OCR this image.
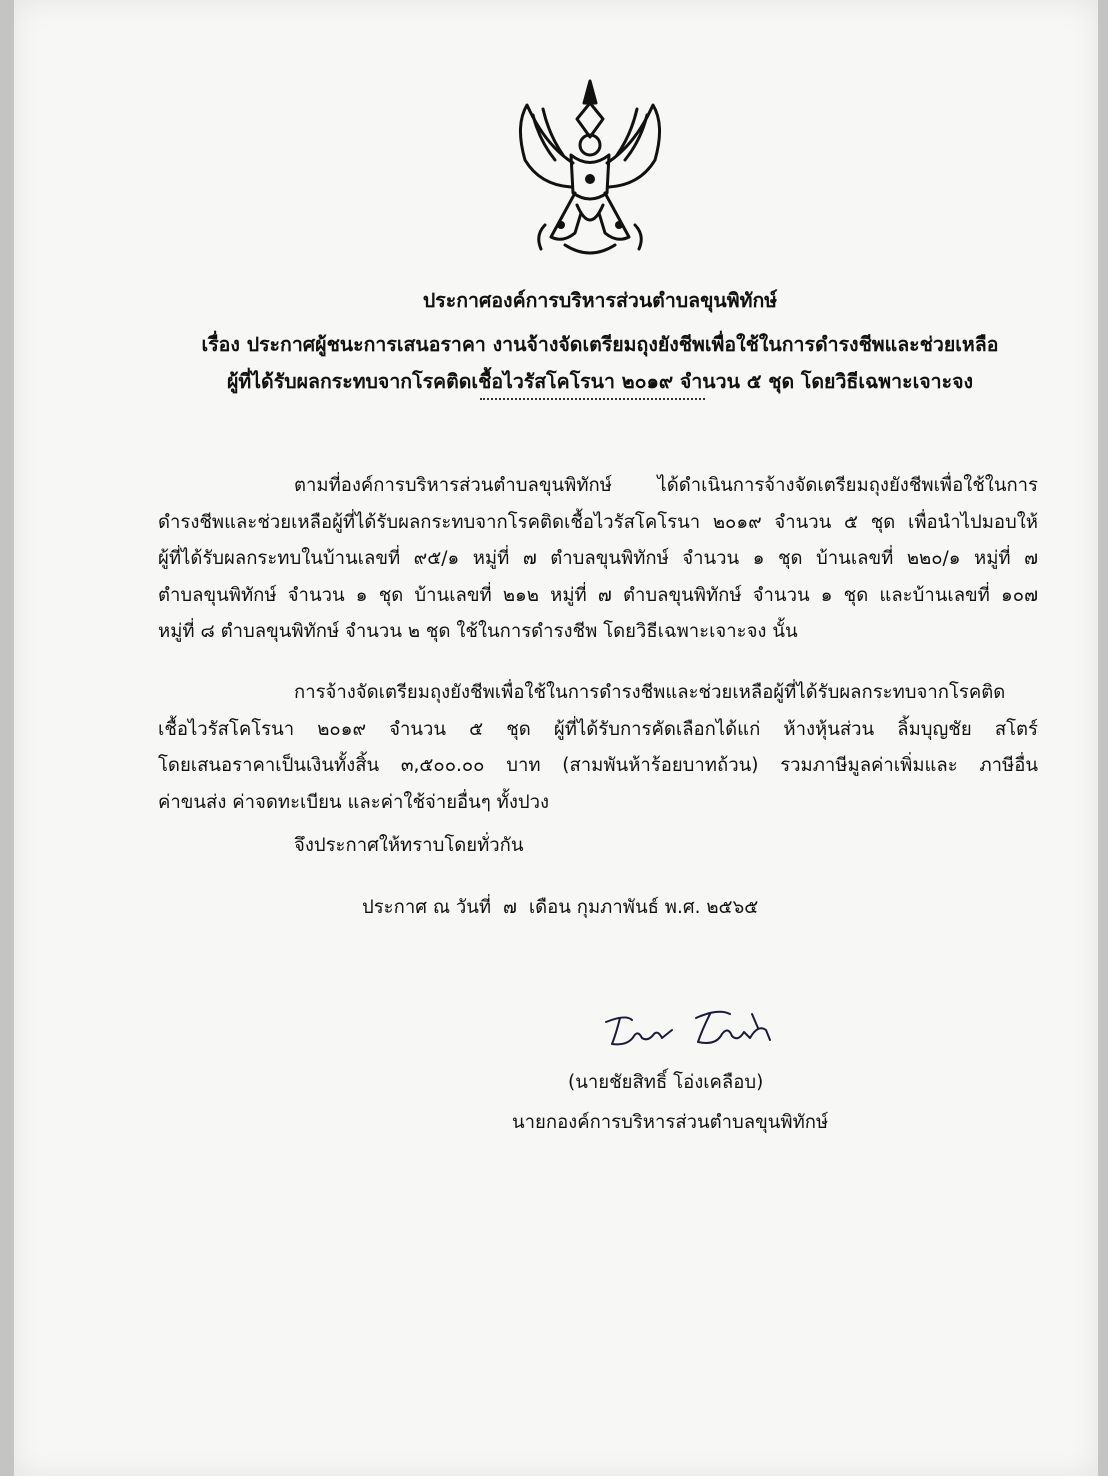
ประกาศองค์การบริหารส่วนตำบลขุนพิทักษ์
เรื่อง ประกาศผู้ชนะการเสนอราคา งานจ้างจัดเตรียมถุงยังชีพเพื่อใช้ในการดำรงชีพและช่วยเหลือ
ผู้ที่ได้รับผลกระทบจากโรคติดเชื้อไวรัสโคโรนา ๒๐๑๙ จำนวน ๕ ชุด โดยวิธีเฉพาะเจาะจง
ตามที่องค์การบริหารส่วนตำบลขุนพิทักษ์ ได้ดำเนินการจ้างจัดเตรียมถุงยังชีพเพื่อใช้ในการ
ดำรงชีพและช่วยเหลือผู้ที่ได้รับผลกระทบจากโรคติดเชื้อไวรัสโคโรนา ๒๐๑๙ จำนวน ๕ ชุด เพื่อนำไปมอบให้
ผู้ที่ได้รับผลกระทบในบ้านเลขที่ ๙๕/๑ หมู่ที่ ๗ ตำบลขุนพิทักษ์ จำนวน ๑ ชุด บ้านเลขที่ ๒๒๐/๑ หมู่ที่ ๗
ตำบลขุนพิทักษ์ จำนวน ๑ ชุด บ้านเลขที่ ๒๑๒ หมู่ที่ ๗ ตำบลขุนพิทักษ์ จำนวน ๑ ชุด และบ้านเลขที่ ๑๐๗
หมู่ที่ ๘ ตำบลขุนพิทักษ์ จำนวน ๒ ชุด ใช้ในการดำรงชีพ โดยวิธีเฉพาะเจาะจง นั้น
การจ้างจัดเตรียมถุงยังชีพเพื่อใช้ในการดำรงชีพและช่วยเหลือผู้ที่ได้รับผลกระทบจากโรคติด
เชื้อไวรัสโคโรนา ๒๐๑๙ จำนวน ๕ ชุด ผู้ที่ได้รับการคัดเลือกได้แก่ ห้างหุ้นส่วน ลิ้มบุญชัย สโตร์
โดยเสนอราคาเป็นเงินทั้งสิ้น ๓,๕๐๐.๐๐ บาท (สามพันห้าร้อยบาทถ้วน) รวมภาษีมูลค่าเพิ่มและ ภาษีอื่น
ค่าขนส่ง ค่าจดทะเบียน และค่าใช้จ่ายอื่นๆ ทั้งปวง
จึงประกาศให้ทราบโดยทั่วกัน
ประกาศ ณ วันที่ ๗ เดือน กุมภาพันธ์ พ.ศ. ๒๕๖๕
(นายชัยสิทธิ์ โอ่งเคลือบ)
นายกองค์การบริหารส่วนตำบลขุนพิทักษ์
